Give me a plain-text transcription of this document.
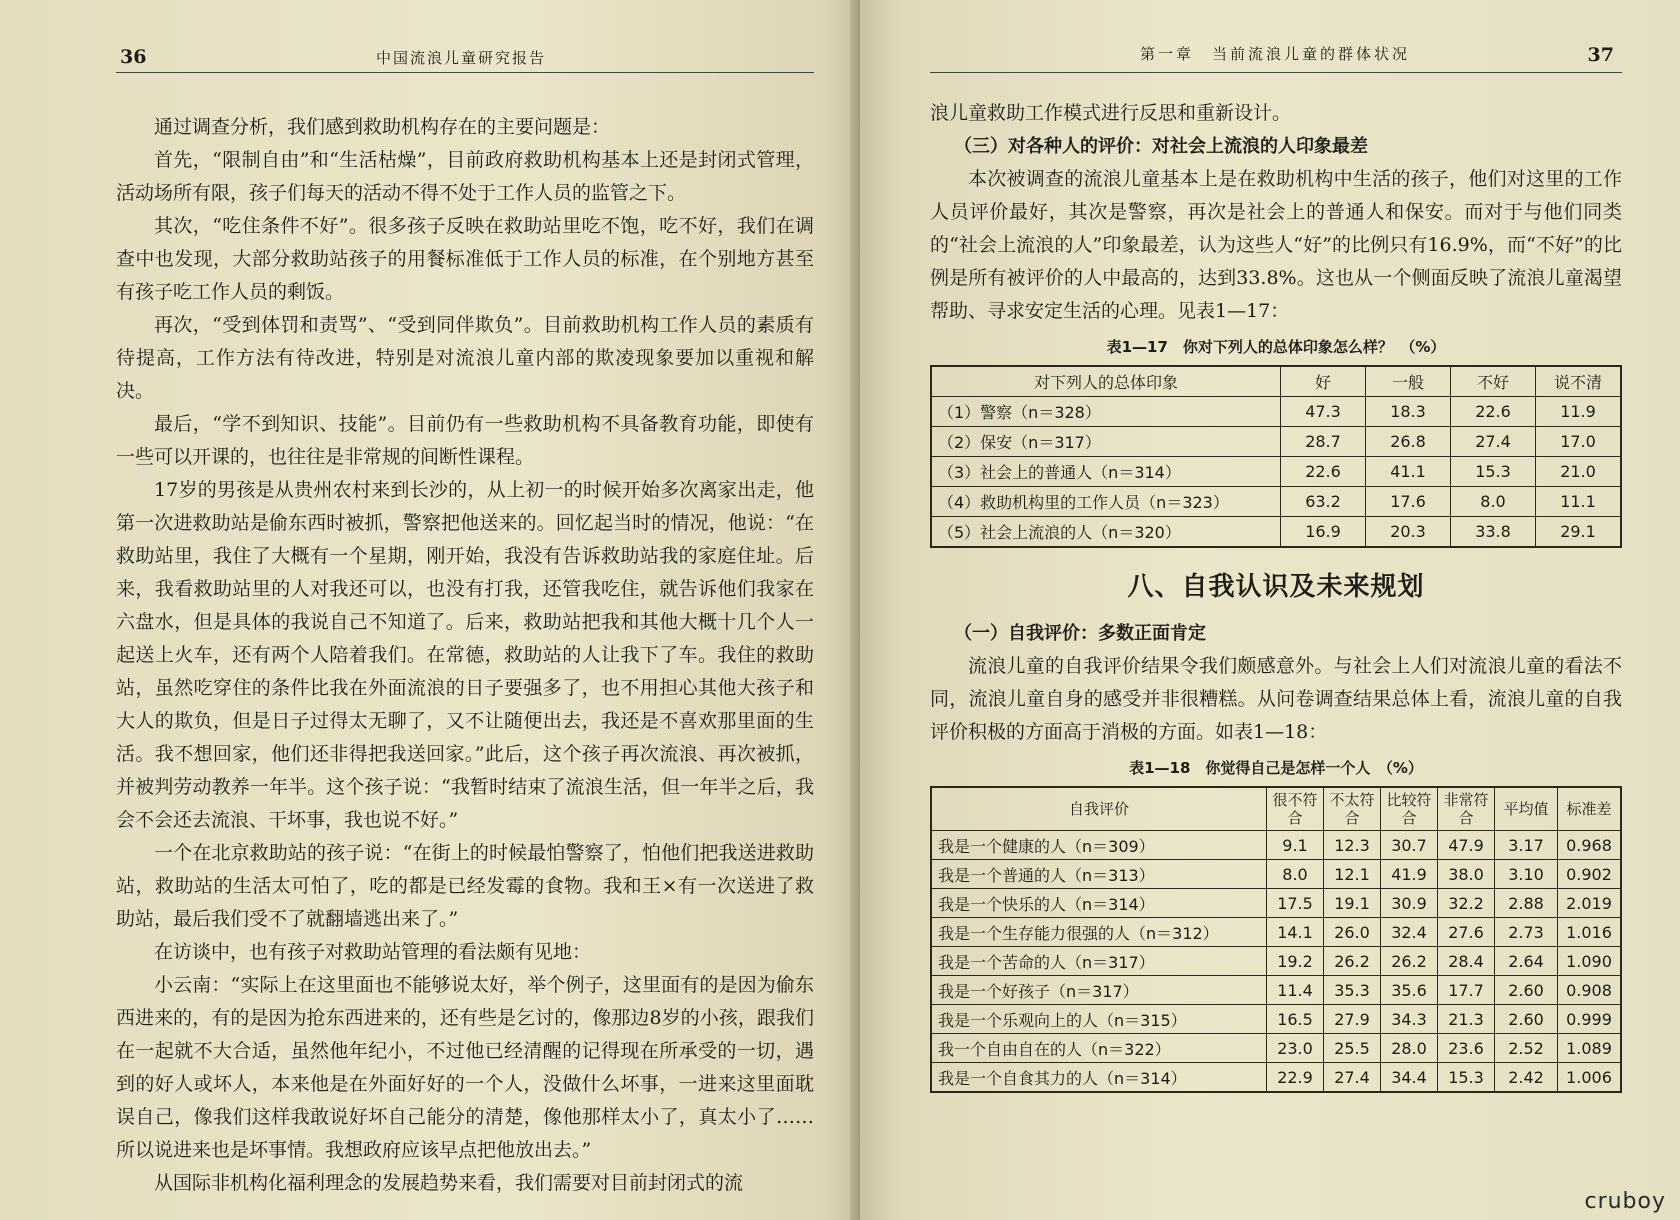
36	中国流浪儿童研究报告

通过调查分析，我们感到救助机构存在的主要问题是：

首先，“限制自由”和“生活枯燥”，目前政府救助机构基本上还是封闭式管理，活动场所有限，孩子们每天的活动不得不处于工作人员的监管之下。

其次，“吃住条件不好”。很多孩子反映在救助站里吃不饱，吃不好，我们在调查中也发现，大部分救助站孩子的用餐标准低于工作人员的标准，在个别地方甚至有孩子吃工作人员的剩饭。

再次，“受到体罚和责骂”、“受到同伴欺负”。目前救助机构工作人员的素质有待提高，工作方法有待改进，特别是对流浪儿童内部的欺凌现象要加以重视和解决。

最后，“学不到知识、技能”。目前仍有一些救助机构不具备教育功能，即使有一些可以开课的，也往往是非常规的间断性课程。

17岁的男孩是从贵州农村来到长沙的，从上初一的时候开始多次离家出走，他第一次进救助站是偷东西时被抓，警察把他送来的。回忆起当时的情况，他说：“在救助站里，我住了大概有一个星期，刚开始，我没有告诉救助站我的家庭住址。后来，我看救助站里的人对我还可以，也没有打我，还管我吃住，就告诉他们我家在六盘水，但是具体的我说自己不知道了。后来，救助站把我和其他大概十几个人一起送上火车，还有两个人陪着我们。在常德，救助站的人让我下了车。我住的救助站，虽然吃穿住的条件比我在外面流浪的日子要强多了，也不用担心其他大孩子和大人的欺负，但是日子过得太无聊了，又不让随便出去，我还是不喜欢那里面的生活。我不想回家，他们还非得把我送回家。”此后，这个孩子再次流浪、再次被抓，并被判劳动教养一年半。这个孩子说：“我暂时结束了流浪生活，但一年半之后，我会不会还去流浪、干坏事，我也说不好。”

一个在北京救助站的孩子说：“在街上的时候最怕警察了，怕他们把我送进救助站，救助站的生活太可怕了，吃的都是已经发霉的食物。我和王×有一次送进了救助站，最后我们受不了就翻墙逃出来了。”

在访谈中，也有孩子对救助站管理的看法颇有见地：

小云南：“实际上在这里面也不能够说太好，举个例子，这里面有的是因为偷东西进来的，有的是因为抢东西进来的，还有些是乞讨的，像那边8岁的小孩，跟我们在一起就不大合适，虽然他年纪小，不过他已经清醒的记得现在所承受的一切，遇到的好人或坏人，本来他是在外面好好的一个人，没做什么坏事，一进来这里面耽误自己，像我们这样我敢说好坏自己能分的清楚，像他那样太小了，真太小了……所以说进来也是坏事情。我想政府应该早点把他放出去。”

从国际非机构化福利理念的发展趋势来看，我们需要对目前封闭式的流

第一章　当前流浪儿童的群体状况	37

浪儿童救助工作模式进行反思和重新设计。

（三）对各种人的评价：对社会上流浪的人印象最差

本次被调查的流浪儿童基本上是在救助机构中生活的孩子，他们对这里的工作人员评价最好，其次是警察，再次是社会上的普通人和保安。而对于与他们同类的“社会上流浪的人”印象最差，认为这些人“好”的比例只有16.9%，而“不好”的比例是所有被评价的人中最高的，达到33.8%。这也从一个侧面反映了流浪儿童渴望帮助、寻求安定生活的心理。见表1—17：

表1—17　你对下列人的总体印象怎么样？　（%）
对下列人的总体印象	好	一般	不好	说不清
（1）警察（n＝328）	47.3	18.3	22.6	11.9
（2）保安（n＝317）	28.7	26.8	27.4	17.0
（3）社会上的普通人（n＝314）	22.6	41.1	15.3	21.0
（4）救助机构里的工作人员（n＝323）	63.2	17.6	8.0	11.1
（5）社会上流浪的人（n＝320）	16.9	20.3	33.8	29.1
八、自我认识及未来规划

（一）自我评价：多数正面肯定

流浪儿童的自我评价结果令我们颇感意外。与社会上人们对流浪儿童的看法不同，流浪儿童自身的感受并非很糟糕。从问卷调查结果总体上看，流浪儿童的自我评价积极的方面高于消极的方面。如表1—18：

表1—18　你觉得自己是怎样一个人　（%）
自我评价	很不符合	不太符合	比较符合	非常符合	平均值	标准差
我是一个健康的人（n＝309）	9.1	12.3	30.7	47.9	3.17	0.968
我是一个普通的人（n＝313）	8.0	12.1	41.9	38.0	3.10	0.902
我是一个快乐的人（n＝314）	17.5	19.1	30.9	32.2	2.88	2.019
我是一个生存能力很强的人（n＝312）	14.1	26.0	32.4	27.6	2.73	1.016
我是一个苦命的人（n＝317）	19.2	26.2	26.2	28.4	2.64	1.090
我是一个好孩子（n＝317）	11.4	35.3	35.6	17.7	2.60	0.908
我是一个乐观向上的人（n＝315）	16.5	27.9	34.3	21.3	2.60	0.999
我一个自由自在的人（n＝322）	23.0	25.5	28.0	23.6	2.52	1.089
我是一个自食其力的人（n＝314）	22.9	27.4	34.4	15.3	2.42	1.006
cruboy
